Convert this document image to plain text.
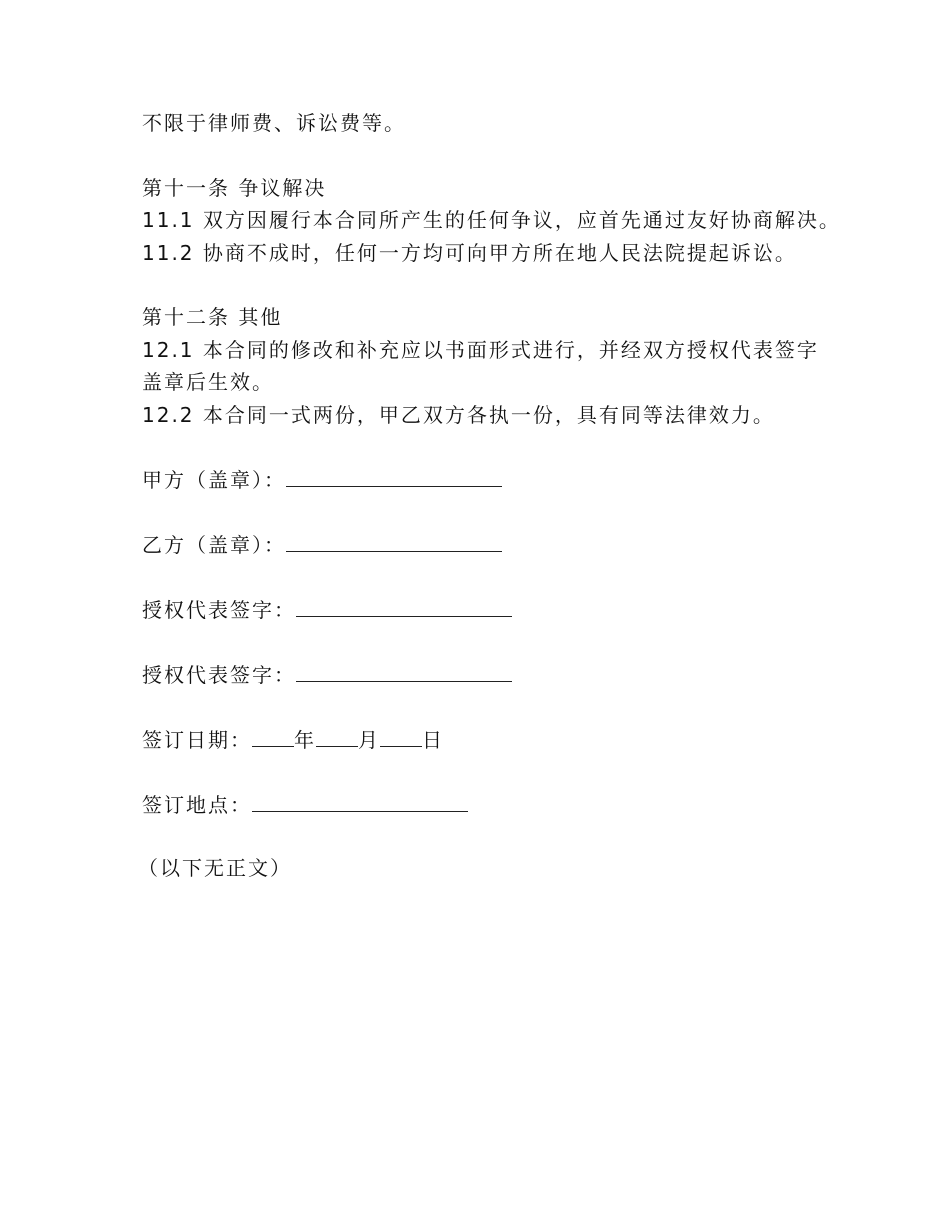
不限于律师费、诉讼费等。
第十一条 争议解决
11.1 双方因履行本合同所产生的任何争议，应首先通过友好协商解决。
11.2 协商不成时，任何一方均可向甲方所在地人民法院提起诉讼。
第十二条 其他
12.1 本合同的修改和补充应以书面形式进行，并经双方授权代表签字
盖章后生效。
12.2 本合同一式两份，甲乙双方各执一份，具有同等法律效力。
甲方（盖章）：
乙方（盖章）：
授权代表签字：
授权代表签字：
签订日期： 年 月 日
签订地点：
（以下无正文）
